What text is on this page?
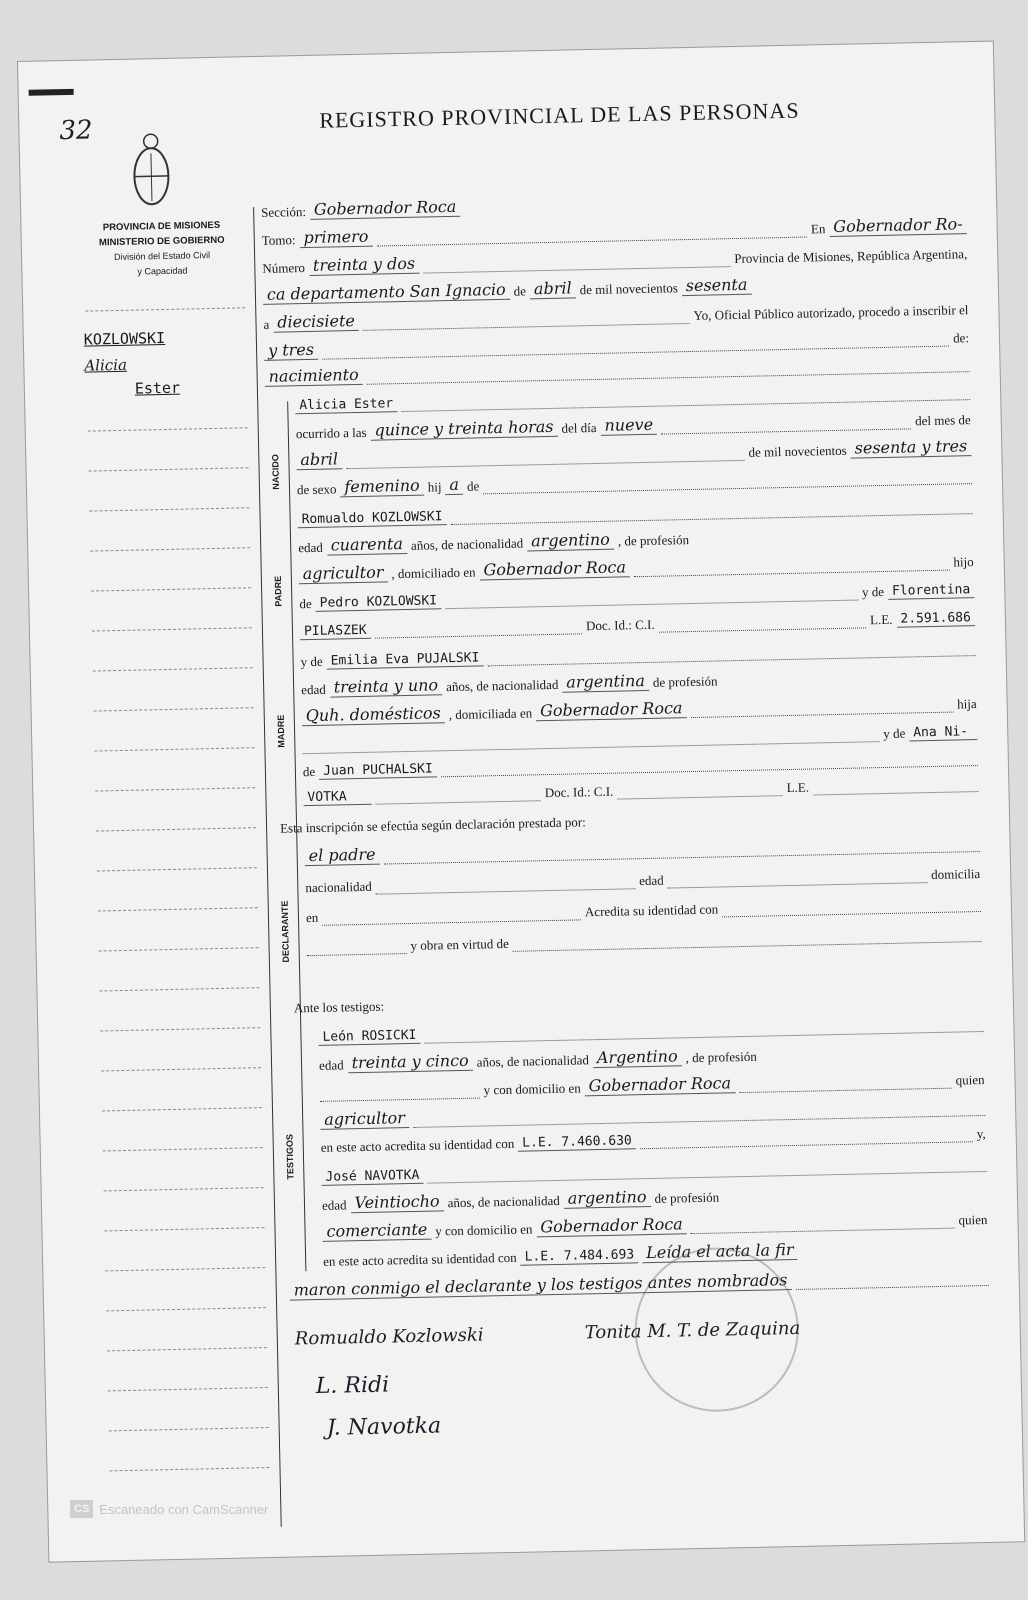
32	REGISTRO PROVINCIAL DE LAS PERSONAS
PROVINCIA DE MISIONES
MINISTERIO DE GOBIERNO
División del Estado Civil
y Capacidad
KOZLOWSKI
Alicia
Ester
Sección: Gobernador Roca
Tomo: primero	En Gobernador Ro-
Número treinta y dos	Provincia de Misiones, República Argentina,
ca departamento San Ignacio de abril de mil novecientos sesenta
a diecisiete	Yo, Oficial Público autorizado, procedo a inscribir el
y tres
de:
nacimiento
NACIDO
Alicia Ester
ocurrido a las quince y treinta horas del día nueve	del mes de
abril	de mil novecientos sesenta y tres
de sexo femenino hij a de
PADRE
Romualdo KOZLOWSKI
edad cuarenta años, de nacionalidad argentino , de profesión
agricultor , domiciliado en Gobernador Roca	hijo
de Pedro KOZLOWSKI
y de Florentina
PILASZEK	Doc. Id.: C.I.	L.E. 2.591.686
MADRE
y de Emilia Eva PUJALSKI
edad treinta y uno años, de nacionalidad argentina de profesión
Quh. domésticos , domiciliada en Gobernador Roca	hija
y de Ana Ni-
de Juan PUCHALSKI
VOTKA	Doc. Id.: C.I.	L.E.
Esta inscripción se efectúa según declaración prestada por:
DECLARANTE
el padre
nacionalidad	edad	domicilia
en	Acredita su identidad con
y obra en virtud de
Ante los testigos:
TESTIGOS
León ROSICKI
edad treinta y cinco años, de nacionalidad Argentino , de profesión
y con domicilio en Gobernador Roca	quien
agricultor
en este acto acredita su identidad con L.E. 7.460.630	y,
José NAVOTKA
edad Veintiocho años, de nacionalidad argentino de profesión
comerciante y con domicilio en Gobernador Roca	quien
en este acto acredita su identidad con L.E. 7.484.693 Leída el acta la fir
maron conmigo el declarante y los testigos antes nombrados
Romualdo Kozlowski	Tonita M. T. de Zaquina
L. Ridi
J. Navotka
CS Escaneado con CamScanner
